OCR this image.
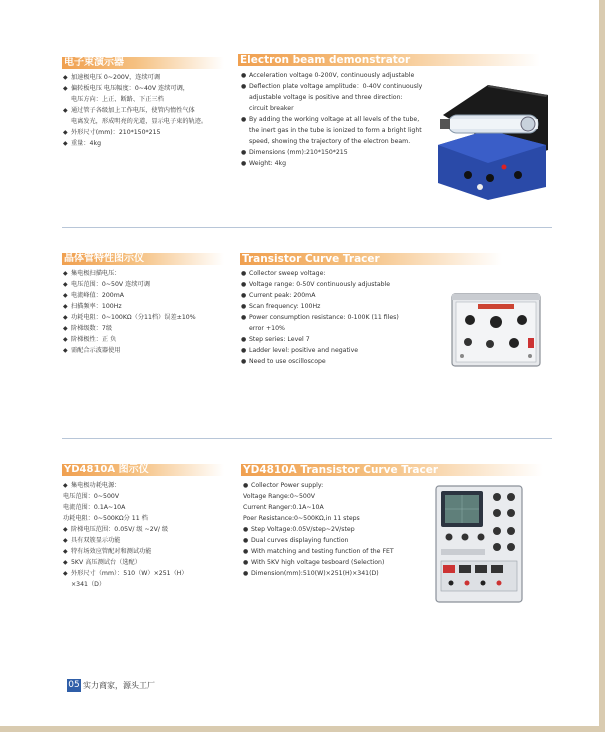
电子束演示器	Electron beam demonstrator
◆ 加速极电压 0~200V，连续可调
◆ 偏转板电压 电压幅度：0~40V 连续可调，
电压方向：上正、断路、下正三档
◆ 通过管子各级加上工作电压，使管内惰性气体
电离发光，形成明亮的光道，显示电子束的轨迹。
◆ 外形尺寸(mm)：210*150*215
◆ 重量：4kg
● Acceleration voltage 0-200V, continuously adjustable
● Deflection plate voltage amplitude：0-40V continuously
adjustable voltage is positive and three direction:
circuit breaker
● By adding the working voltage at all levels of the tube,
the inert gas in the tube is ionized to form a bright light
speed, showing the trajectory of the electron beam.
● Dimensions (mm):210*150*215
● Weight: 4kg
晶体管特性图示仪	Transistor Curve Tracer
◆ 集电极扫描电压：
◆ 电压范围：0~50V 连续可调
◆ 电流峰值：200mA
◆ 扫描频率：100Hz
◆ 功耗电阻：0~100KΩ（分11档）误差±10%
◆ 阶梯级数：7级
◆ 阶梯极性：正 负
◆ 需配合示波器使用
● Collector sweep voltage:
● Voltage range: 0-50V continuously adjustable
● Current peak: 200mA
● Scan frequency: 100Hz
● Power consumption resistance: 0-100K (11 files)
error +10%
● Step series: Level 7
● Ladder level: positive and negative
● Need to use oscilloscope
YD4810A 图示仪	YD4810A Transistor Curve Tracer
◆ 集电极功耗电源：
电压范围：0~500V
电流范围：0.1A~10A
功耗电阻：0~500KΩ分 11 档
◆ 阶梯电压范围：0.05V/ 级 ~2V/ 级
◆ 具有双簇显示功能
◆ 特有场效应管配对和测试功能
◆ 5KV 高压测试台（选配）
◆ 外形尺寸（mm）：510（W）×251（H）
×341（D）
● Collector Power supply:
Voltage Range:0~500V
Current Ranger:0.1A~10A
Poer Resistance:0~500KΩ,in 11 steps
● Step Voltage:0.05V/step~2V/step
● Dual curves displaying function
● With matching and testing function of the FET
● With 5KV high voltage tesboard (Selection)
● Dimension(mm):510(W)×251(H)×341(D)
05 实力商家，源头工厂
